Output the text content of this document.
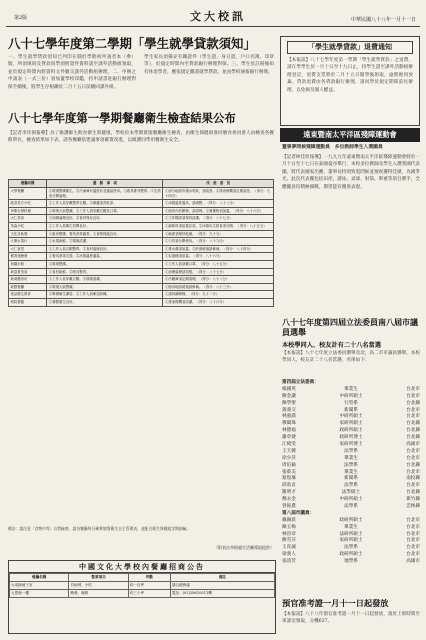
第2版	文大校訊	中華民國八十八年一月十一日
八十七學年度第二學期「學生就學貸款須知」
一、學生就學貸款須知已列印在圓於學期初申請者本（參）版，所須填寫及貸款同學須附證件資料請至課外活動組領取，並於規定時間內將資料文件繳交課外活動組辦理。二、申辦之申請表（一式三份）須加蓋學校印鑑，持申請書赴銀行辦理對保手續後，將學生存根聯於二月十五日前繳回課外組。
學生家長須備妥有關證件（學生證、身分證、戶口名簿、印章等），於規定時間內至貸款銀行辦理對保。三、學生於註冊後如有休退學者，應依規定繳還就學貸款，並由學校通報銀行辦理。
「學生就學貸款」退費通知
【本報訊】八十七學年度第一學期「學生就學貸款」之退費，請在學學生於一月十日至十九日止，持學生證至課外活動組辦理登記，退費支票將於二月十五日開學後領取，逾期視同放棄。貸款退費由各貸款銀行辦理，請同學於規定期間前往辦理，以免損及個人權益。
八十七學年度第一學期餐廳衛生檢查結果公布
【記者李洋揚報導】為了維護師生飲食衛生與健康，學校於本學期實施餐廳衛生檢查，由衛生保健組會同膳食委員會人員檢查各餐飲單位，檢查結果如下表，請各餐廳依建議事項確實改進，以維護同學用餐衛生安全。
餐廳名稱	優　點　事　項	改　進　意　見
大學餐廳	①環境整潔衛生。②冷凍庫有溫度計並適當使用。③廚具排列整齊。④生熟食分開處理。	①部分地面有積水現象，請改善。②排油煙機須定期清洗。（得分：九十四分）
統茶及方小吃	①工作人員穿戴整齊衣帽。②碗盤清洗乾淨。	①冰箱溫度過高，請調整。（得分：八十八分）
伊斯台餐料理	①環境大致整潔。②工作人員穿戴衣帽及口罩。	①廚房內有雜物，請清理。②廢棄物須加蓋。（得分：八十六分）
大仁美食	①油煙處理良好。②食材保存良好。	①工作檯面須保持清潔。（得分：八十七分）
茂森小吃	①工作人員衛生習慣良好。	①調味料須加蓋存放。②冰箱內生熟食須分開。（得分：八十五分）
文化自助餐	①廚房整潔，餐具消毒確實。②食物保溫良好。	①地面須保持乾燥。（得分：九十分）
大眾水果行	①水果新鮮。②環境清潔。	①刀具須分開使用。（得分：八十九分）
大仁食堂	①工作人員衣帽整齊。②食材處理良好。	①排水溝須加蓋。②紗窗破損請修補。（得分：八十四分）
樹香速簡餐	①餐具消毒完善。②冰箱溫度適當。	①垃圾桶須加蓋。（得分：八十六分）
西園水餃	①環境整潔。	①工作人員須戴口罩。（得分：八十五分）
新富豪美食	①食材新鮮。②廚具整齊。	①油煙處理請加強。（得分：八十七分）
新荷膳食坊	①工作人員穿戴衣帽。②環境清潔。	①冷藏庫須定期清理。（得分：八十八分）
新整餐廳	①環境大致整潔。	①廚房地面破損請修補。（得分：八十三分）
食品衛生教育	①舉辦衛生講習。②工作人員參加訓練。	①請持續辦理。（得分：九十二分）
荷院餐園	①餐點衛生良好。	①排油煙機須清潔。（得分：八十六分）
備註：請注意「食物中毒」自我檢查，請各餐廳每日確實填寫衛生自主管理表，並配合衛生保健組定期抽檢。
（附表由李揚處生活輔導組提供）
中國文化大學校內餐廳招商公告
餐廳名稱	營業項目	坪數	備註
大成館地下室	自助餐、小吃	約一百坪	請洽總務處
大恩館一樓	簡餐、咖啡	約三十坪	電話：(02)28610511轉
遠東暨南太平洋區殘障運動會
董事夢問候殘障運動員　多位教師學生入選團員
【記者林佳欣報導】一九九九年遠東暨南太平洋區殘障運動會將於一月十日至十七日在泰國曼谷舉行，本校多位教師及學生入選我國代表團，將代表國家出賽，董事長特別致電問候並預祝獲得佳績，為國爭光。此次代表團包括田徑、游泳、桌球、射箭、舉重等項目選手，全體團員均積極備戰，期望能有優異表現。
八十七年度第四屆立法委員南八屆市議員選舉
本校學同人、校友計有二十八名當選
【本報訊】八十七年度立法委員選舉及北、高二市市議員選舉，本校學同人、校友計二十八名當選，名單如下：
第四屆立法委員：
楊國英	畢業生	台北市
陳金讓	中研所碩士	台北市
陳學聖	行管系	台北縣
黃義交	新聞系	台北市
林重謨	中研所碩士	台北市
穆閩珠	家研所碩士	台北縣
林德福	政研所碩士	台北縣
謝章捷	政研所博士	台北縣
江綺雯	家研所博士	高雄市
王天競	法學系	台北市
徐少萍	畢業生	台北市
周伯倫	法學系	台北縣
張蔡美	畢業生	台北市
蔡煌瑯	新聞系	南投縣
邱垂貞	法學系	台北市
羅明才	法學碩士	台北縣
鄭永金	中研所碩士	新竹縣
曾振農	法學系	雲林縣
第八屆市議員：
戴錫欽	政研所碩士	台北市
陳玉梅	畢業生	台北市
林晉章	法研所碩士	台北市
陳雪芬	家研所碩士	台北市
王育誠	法學系	台北市
梁義人	政研所碩士	台北市
張清芳	地學系	高雄市
預官准考證一月十一日起發放
【本報訊】八十八年預官准考證一月十一日起發放，請於上班時間至軍訓室領取，分機637。
